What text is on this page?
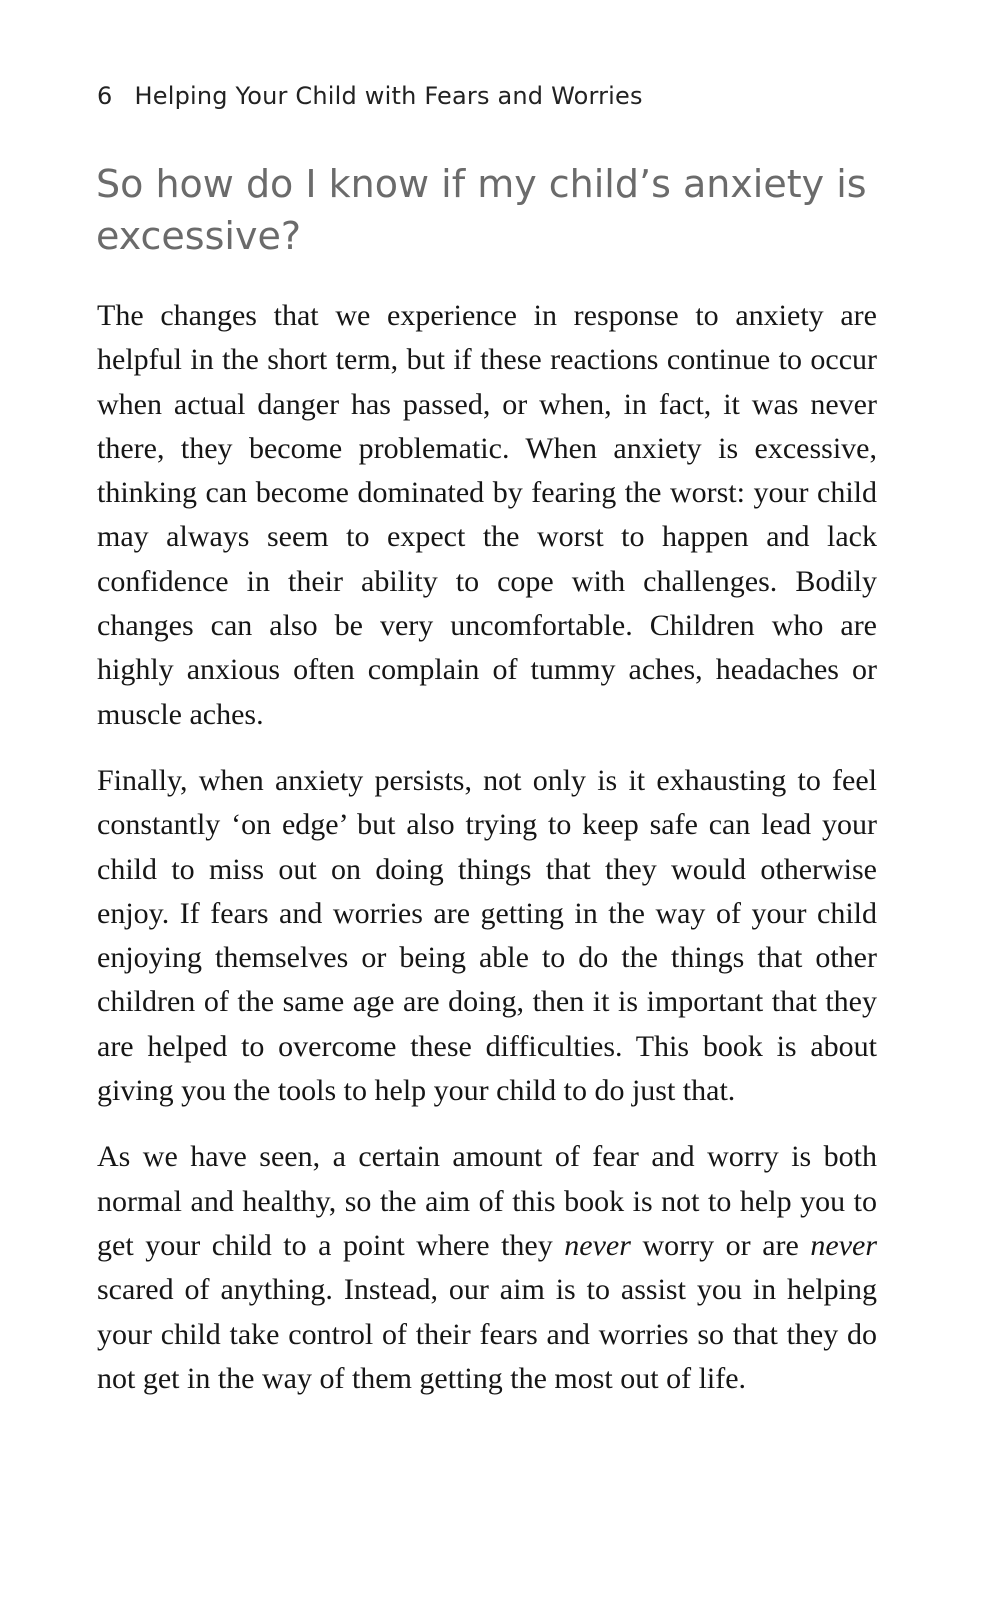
6 Helping Your Child with Fears and Worries
So how do I know if my child’s anxiety is excessive?

The changes that we experience in response to anxiety are helpful in the short term, but if these reactions continue to occur when actual danger has passed, or when, in fact, it was never there, they become problematic. When anxiety is excessive, thinking can become dominated by fearing the worst: your child may always seem to expect the worst to happen and lack confidence in their ability to cope with challenges. Bodily changes can also be very uncomfortable. Children who are highly anxious often complain of tummy aches, headaches or muscle aches.

Finally, when anxiety persists, not only is it exhausting to feel constantly ‘on edge’ but also trying to keep safe can lead your child to miss out on doing things that they would otherwise enjoy. If fears and worries are getting in the way of your child enjoying themselves or being able to do the things that other children of the same age are doing, then it is important that they are helped to overcome these difficulties. This book is about giving you the tools to help your child to do just that.

As we have seen, a certain amount of fear and worry is both normal and healthy, so the aim of this book is not to help you to get your child to a point where they never worry or are never scared of anything. Instead, our aim is to assist you in helping your child take control of their fears and worries so that they do not get in the way of them getting the most out of life.
